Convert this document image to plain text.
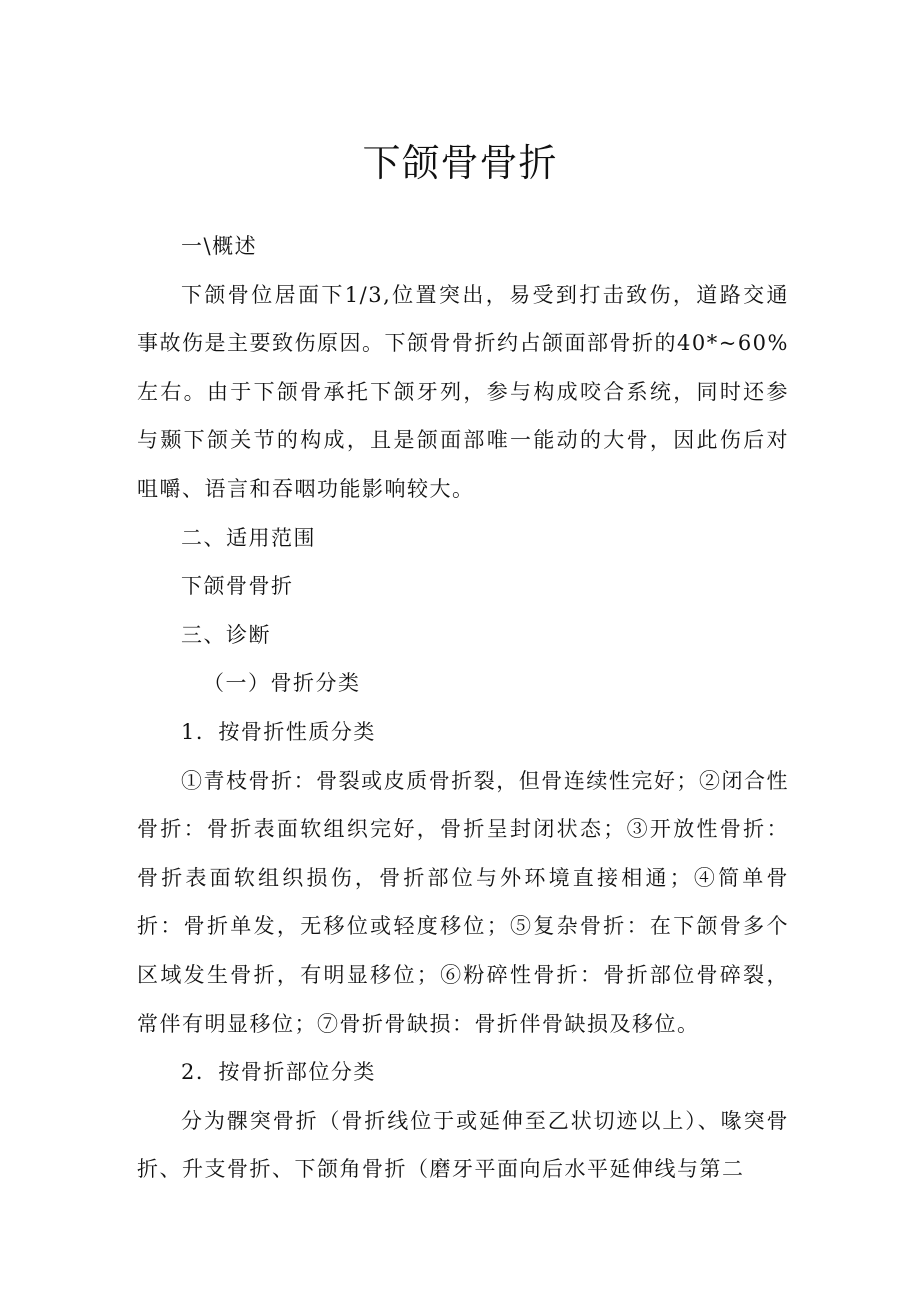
下颌骨骨折

一\概述

下颌骨位居面下1/3,位置突出，易受到打击致伤，道路交通事故伤是主要致伤原因。下颌骨骨折约占颌面部骨折的40*~60%左右。由于下颌骨承托下颌牙列，参与构成咬合系统，同时还参与颞下颌关节的构成，且是颌面部唯一能动的大骨，因此伤后对咀嚼、语言和吞咽功能影响较大。

二、适用范围

下颌骨骨折

三、诊断

（一）骨折分类

1．按骨折性质分类

①青枝骨折：骨裂或皮质骨折裂，但骨连续性完好；②闭合性骨折：骨折表面软组织完好，骨折呈封闭状态；③开放性骨折：骨折表面软组织损伤，骨折部位与外环境直接相通；④简单骨折：骨折单发，无移位或轻度移位；⑤复杂骨折：在下颌骨多个区域发生骨折，有明显移位；⑥粉碎性骨折：骨折部位骨碎裂，常伴有明显移位；⑦骨折骨缺损：骨折伴骨缺损及移位。

2．按骨折部位分类

分为髁突骨折（骨折线位于或延伸至乙状切迹以上）、喙突骨折、升支骨折、下颌角骨折（磨牙平面向后水平延伸线与第二
